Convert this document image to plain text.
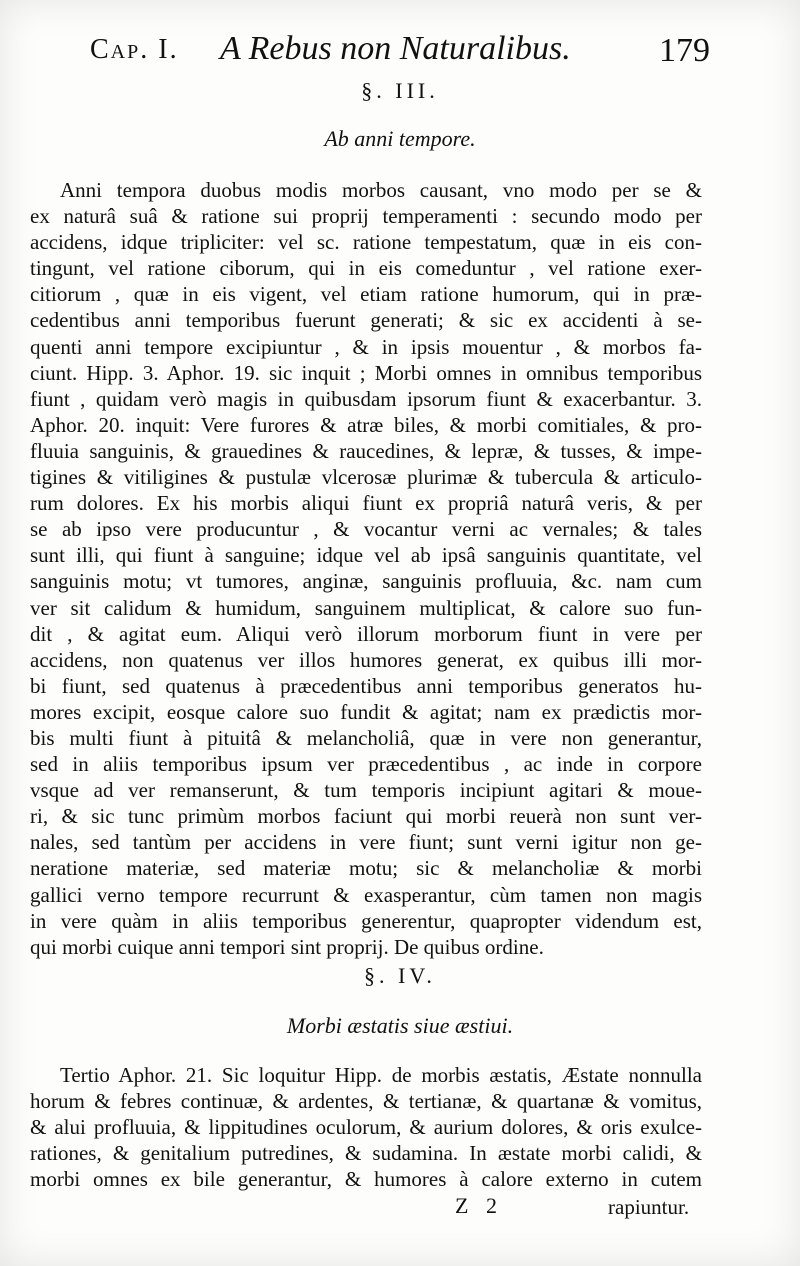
Cap. I. A Rebus non Naturalibus.	179
§. III.
Ab anni tempore.
Anni tempora duobus modis morbos causant, vno modo per se &
ex naturâ suâ & ratione sui proprij temperamenti : secundo modo per
accidens, idque tripliciter: vel sc. ratione tempestatum, quæ in eis con-
tingunt, vel ratione ciborum, qui in eis comeduntur , vel ratione exer-
citiorum , quæ in eis vigent, vel etiam ratione humorum, qui in præ-
cedentibus anni temporibus fuerunt generati; & sic ex accidenti à se-
quenti anni tempore excipiuntur , & in ipsis mouentur , & morbos fa-
ciunt. Hipp. 3. Aphor. 19. sic inquit ; Morbi omnes in omnibus temporibus
fiunt , quidam verò magis in quibusdam ipsorum fiunt & exacerbantur. 3.
Aphor. 20. inquit: Vere furores & atræ biles, & morbi comitiales, & pro-
fluuia sanguinis, & grauedines & raucedines, & lepræ, & tusses, & impe-
tigines & vitiligines & pustulæ vlcerosæ plurimæ & tubercula & articulo-
rum dolores. Ex his morbis aliqui fiunt ex propriâ naturâ veris, & per
se ab ipso vere producuntur , & vocantur verni ac vernales; & tales
sunt illi, qui fiunt à sanguine; idque vel ab ipsâ sanguinis quantitate, vel
sanguinis motu; vt tumores, anginæ, sanguinis profluuia, &c. nam cum
ver sit calidum & humidum, sanguinem multiplicat, & calore suo fun-
dit , & agitat eum. Aliqui verò illorum morborum fiunt in vere per
accidens, non quatenus ver illos humores generat, ex quibus illi mor-
bi fiunt, sed quatenus à præcedentibus anni temporibus generatos hu-
mores excipit, eosque calore suo fundit & agitat; nam ex prædictis mor-
bis multi fiunt à pituitâ & melancholiâ, quæ in vere non generantur,
sed in aliis temporibus ipsum ver præcedentibus , ac inde in corpore
vsque ad ver remanserunt, & tum temporis incipiunt agitari & moue-
ri, & sic tunc primùm morbos faciunt qui morbi reuerà non sunt ver-
nales, sed tantùm per accidens in vere fiunt; sunt verni igitur non ge-
neratione materiæ, sed materiæ motu; sic & melancholiæ & morbi
gallici verno tempore recurrunt & exasperantur, cùm tamen non magis
in vere quàm in aliis temporibus generentur, quapropter videndum est,
qui morbi cuique anni tempori sint proprij. De quibus ordine.
§. IV.
Morbi æstatis siue æstiui.
Tertio Aphor. 21. Sic loquitur Hipp. de morbis æstatis, Æstate nonnulla
horum & febres continuæ, & ardentes, & tertianæ, & quartanæ & vomitus,
& alui profluuia, & lippitudines oculorum, & aurium dolores, & oris exulce-
rationes, & genitalium putredines, & sudamina. In æstate morbi calidi, &
morbi omnes ex bile generantur, & humores à calore externo in cutem
Z 2	rapiuntur.
